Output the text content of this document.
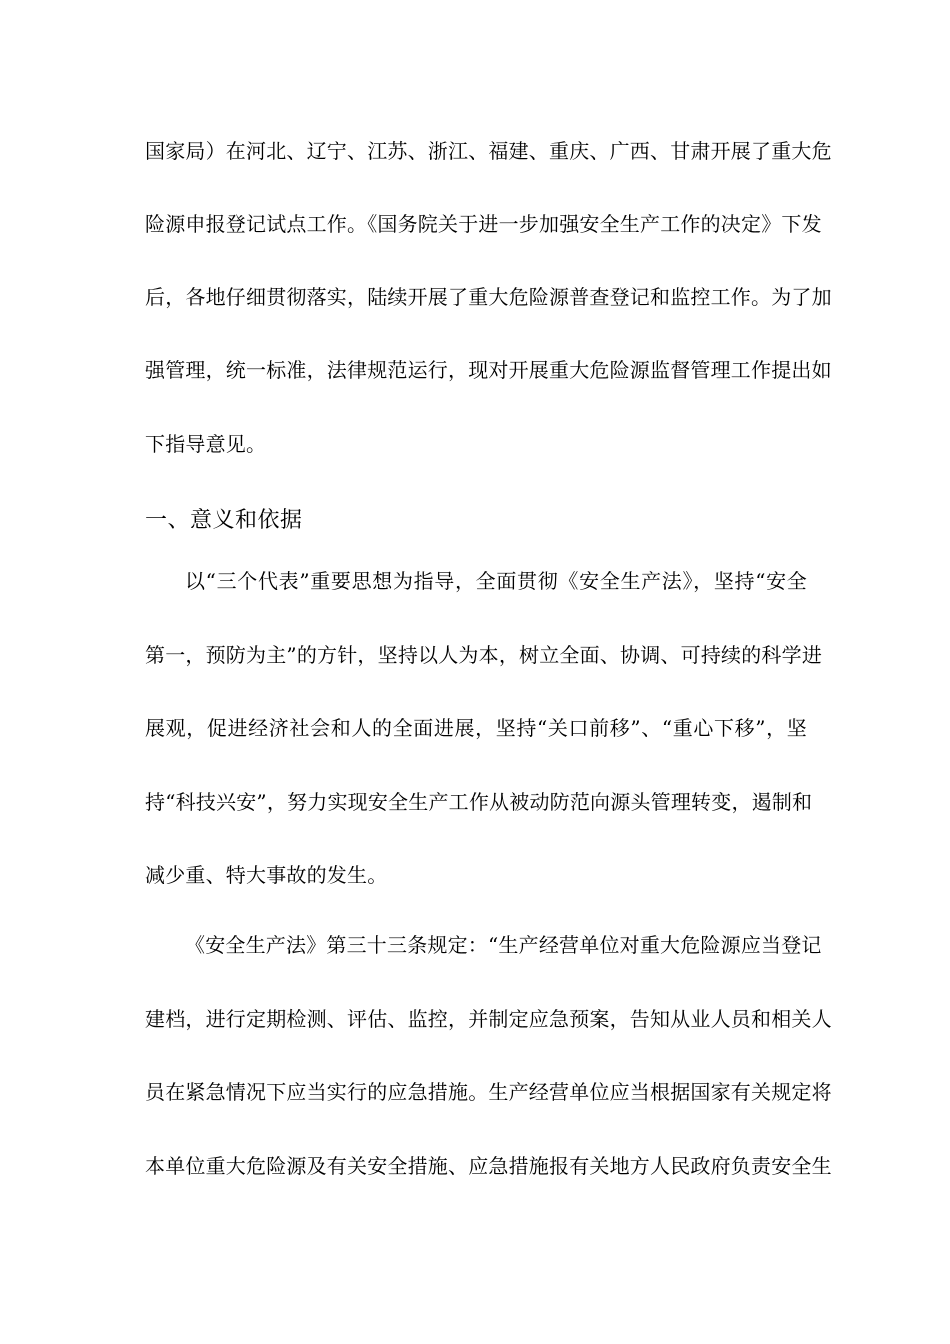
国家局）在河北、辽宁、江苏、浙江、福建、重庆、广西、甘肃开展了重大危
险源申报登记试点工作。《国务院关于进一步加强安全生产工作的决定》下发
后，各地仔细贯彻落实，陆续开展了重大危险源普查登记和监控工作。为了加
强管理，统一标准，法律规范运行，现对开展重大危险源监督管理工作提出如
下指导意见。
一、意义和依据
以“三个代表”重要思想为指导，全面贯彻《安全生产法》，坚持“安全
第一，预防为主”的方针，坚持以人为本，树立全面、协调、可持续的科学进
展观，促进经济社会和人的全面进展，坚持“关口前移”、“重心下移”，坚
持“科技兴安”，努力实现安全生产工作从被动防范向源头管理转变，遏制和
减少重、特大事故的发生。
《安全生产法》第三十三条规定：“生产经营单位对重大危险源应当登记
建档，进行定期检测、评估、监控，并制定应急预案，告知从业人员和相关人
员在紧急情况下应当实行的应急措施。生产经营单位应当根据国家有关规定将
本单位重大危险源及有关安全措施、应急措施报有关地方人民政府负责安全生
